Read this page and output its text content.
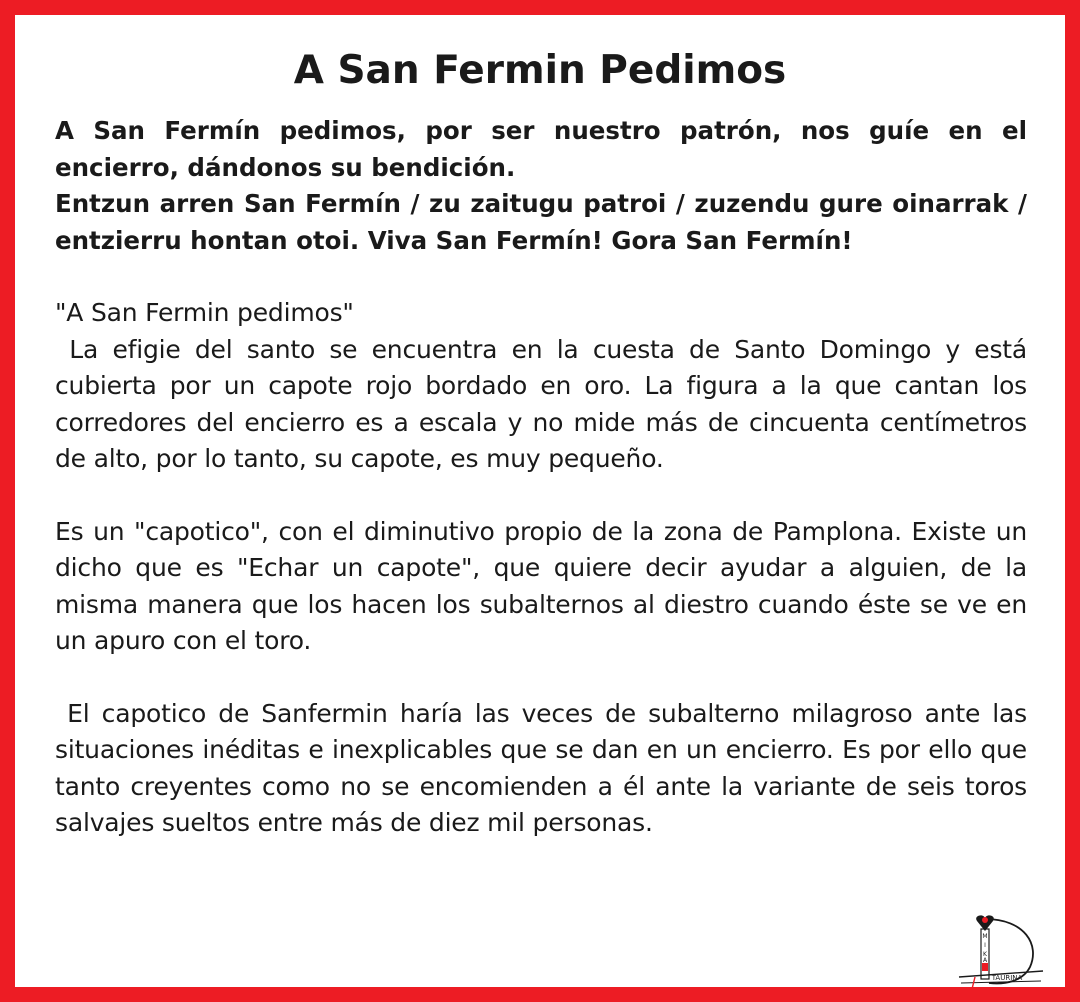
A San Fermin Pedimos

A San Fermín pedimos, por ser nuestro patrón, nos guíe en el encierro, dándonos su bendición.

Entzun arren San Fermín / zu zaitugu patroi / zuzendu gure oinarrak / entzierru hontan otoi. Viva San Fermín! Gora San Fermín!

"A San Fermin pedimos"

La efigie del santo se encuentra en la cuesta de Santo Domingo y está cubierta por un capote rojo bordado en oro. La figura a la que cantan los corredores del encierro es a escala y no mide más de cincuenta centímetros de alto, por lo tanto, su capote, es muy pequeño.

Es un "capotico", con el diminutivo propio de la zona de Pamplona. Existe un dicho que es "Echar un capote", que quiere decir ayudar a alguien, de la misma manera que los hacen los subalternos al diestro cuando éste se ve en un apuro con el toro.

El capotico de Sanfermin haría las veces de subalterno milagroso ante las situaciones inéditas e inexplicables que se dan en un encierro. Es por ello que tanto creyentes como no se encomienden a él ante la variante de seis toros salvajes sueltos entre más de diez mil personas.

M
I
K
A
TAURINA
